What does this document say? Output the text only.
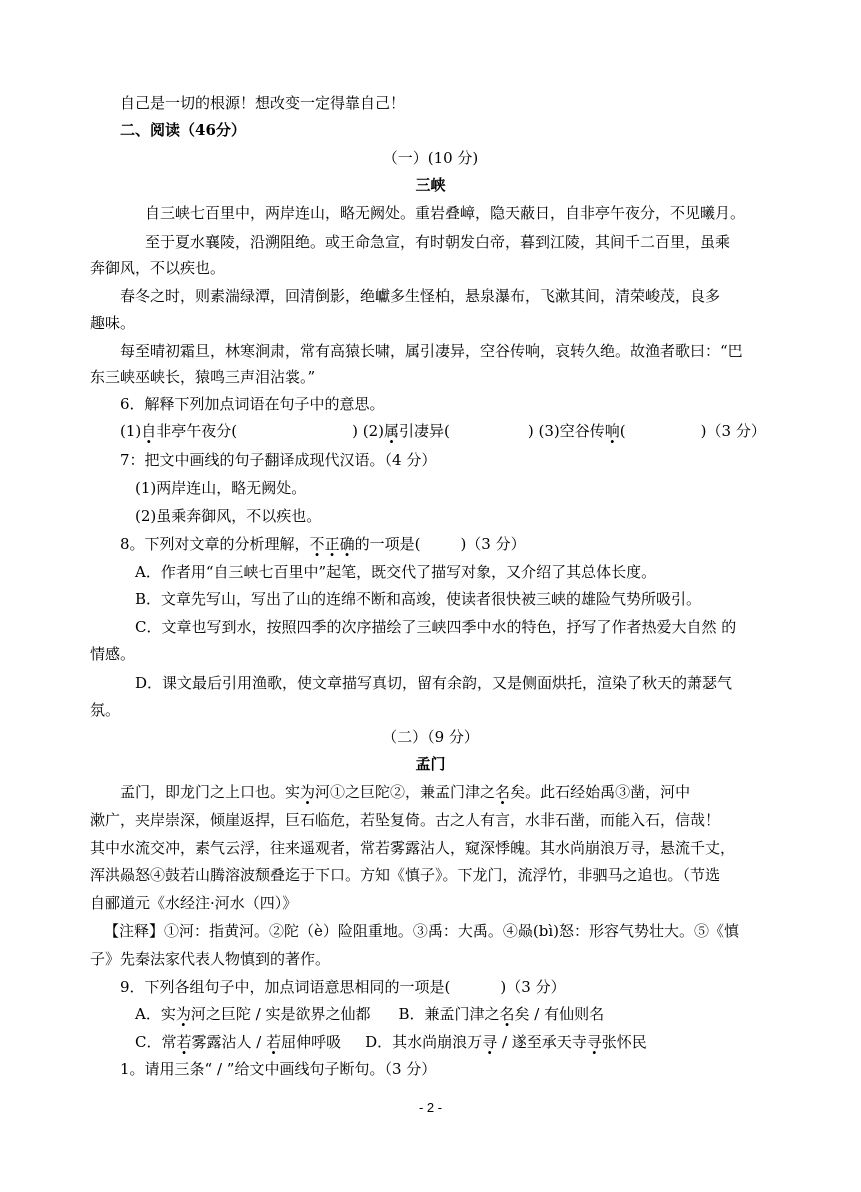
自己是一切的根源！想改变一定得靠自己！
二、阅读（46分）
（一）(10 分)
三峡
自三峡七百里中，两岸连山，略无阙处。重岩叠嶂，隐天蔽日，自非亭午夜分，不见曦月。
至于夏水襄陵，沿溯阻绝。或王命急宣，有时朝发白帝，暮到江陵，其间千二百里，虽乘
奔御风，不以疾也。
春冬之时，则素湍绿潭，回清倒影，绝巘多生怪柏，悬泉瀑布，飞漱其间，清荣峻茂，良多
趣味。
每至晴初霜旦，林寒涧肃，常有高猿长啸，属引凄异，空谷传响，哀转久绝。故渔者歌曰：“巴
东三峡巫峡长，猿鸣三声泪沾裳。”
6．解释下列加点词语在句子中的意思。
(1)自非亭午夜分(	) (2)属引凄异(	) (3)空谷传响(	)（3 分）
7：把文中画线的句子翻译成现代汉语。（4 分）
(1)两岸连山，略无阙处。
(2)虽乘奔御风，不以疾也。
8。下列对文章的分析理解，不正确的一项是(	)（3 分）
A．作者用“自三峡七百里中”起笔，既交代了描写对象，又介绍了其总体长度。
B．文章先写山，写出了山的连绵不断和高竣，使读者很快被三峡的雄险气势所吸引。
C．文章也写到水，按照四季的次序描绘了三峡四季中水的特色，抒写了作者热爱大自然 的
情感。
D．课文最后引用渔歌，使文章描写真切，留有余韵，又是侧面烘托，渲染了秋天的萧瑟气
氛。
（二）（9 分）
孟门
孟门，即龙门之上口也。实为河①之巨陀②，兼孟门津之名矣。此石经始禹③凿，河中
漱广，夹岸崇深，倾崖返捍，巨石临危，若坠复倚。古之人有言，水非石凿，而能入石，信哉！
其中水流交冲，素气云浮，往来遥观者，常若雾露沾人，窥深悸魄。其水尚崩浪万寻，悬流千丈，
浑洪赑怒④鼓若山腾溶波颓叠迄于下口。方知《慎子》。下龙门，流浮竹，非驷马之追也。（节选
自郦道元《水经注·河水（四）》
【注释】①河：指黄河。②陀（è）险阻重地。③禹：大禹。④赑(bì)怒：形容气势壮大。⑤《慎
子》先秦法家代表人物慎到的著作。
9．下列各组句子中，加点词语意思相同的一项是(	)（3 分）
A．实为河之巨陀 / 实是欲界之仙都 B．兼孟门津之名矣 / 有仙则名
C．常若雾露沾人 / 若屈伸呼吸 D．其水尚崩浪万寻 / 遂至承天寺寻张怀民
1。请用三条“ / ”给文中画线句子断句。（3 分）
- 2 -
